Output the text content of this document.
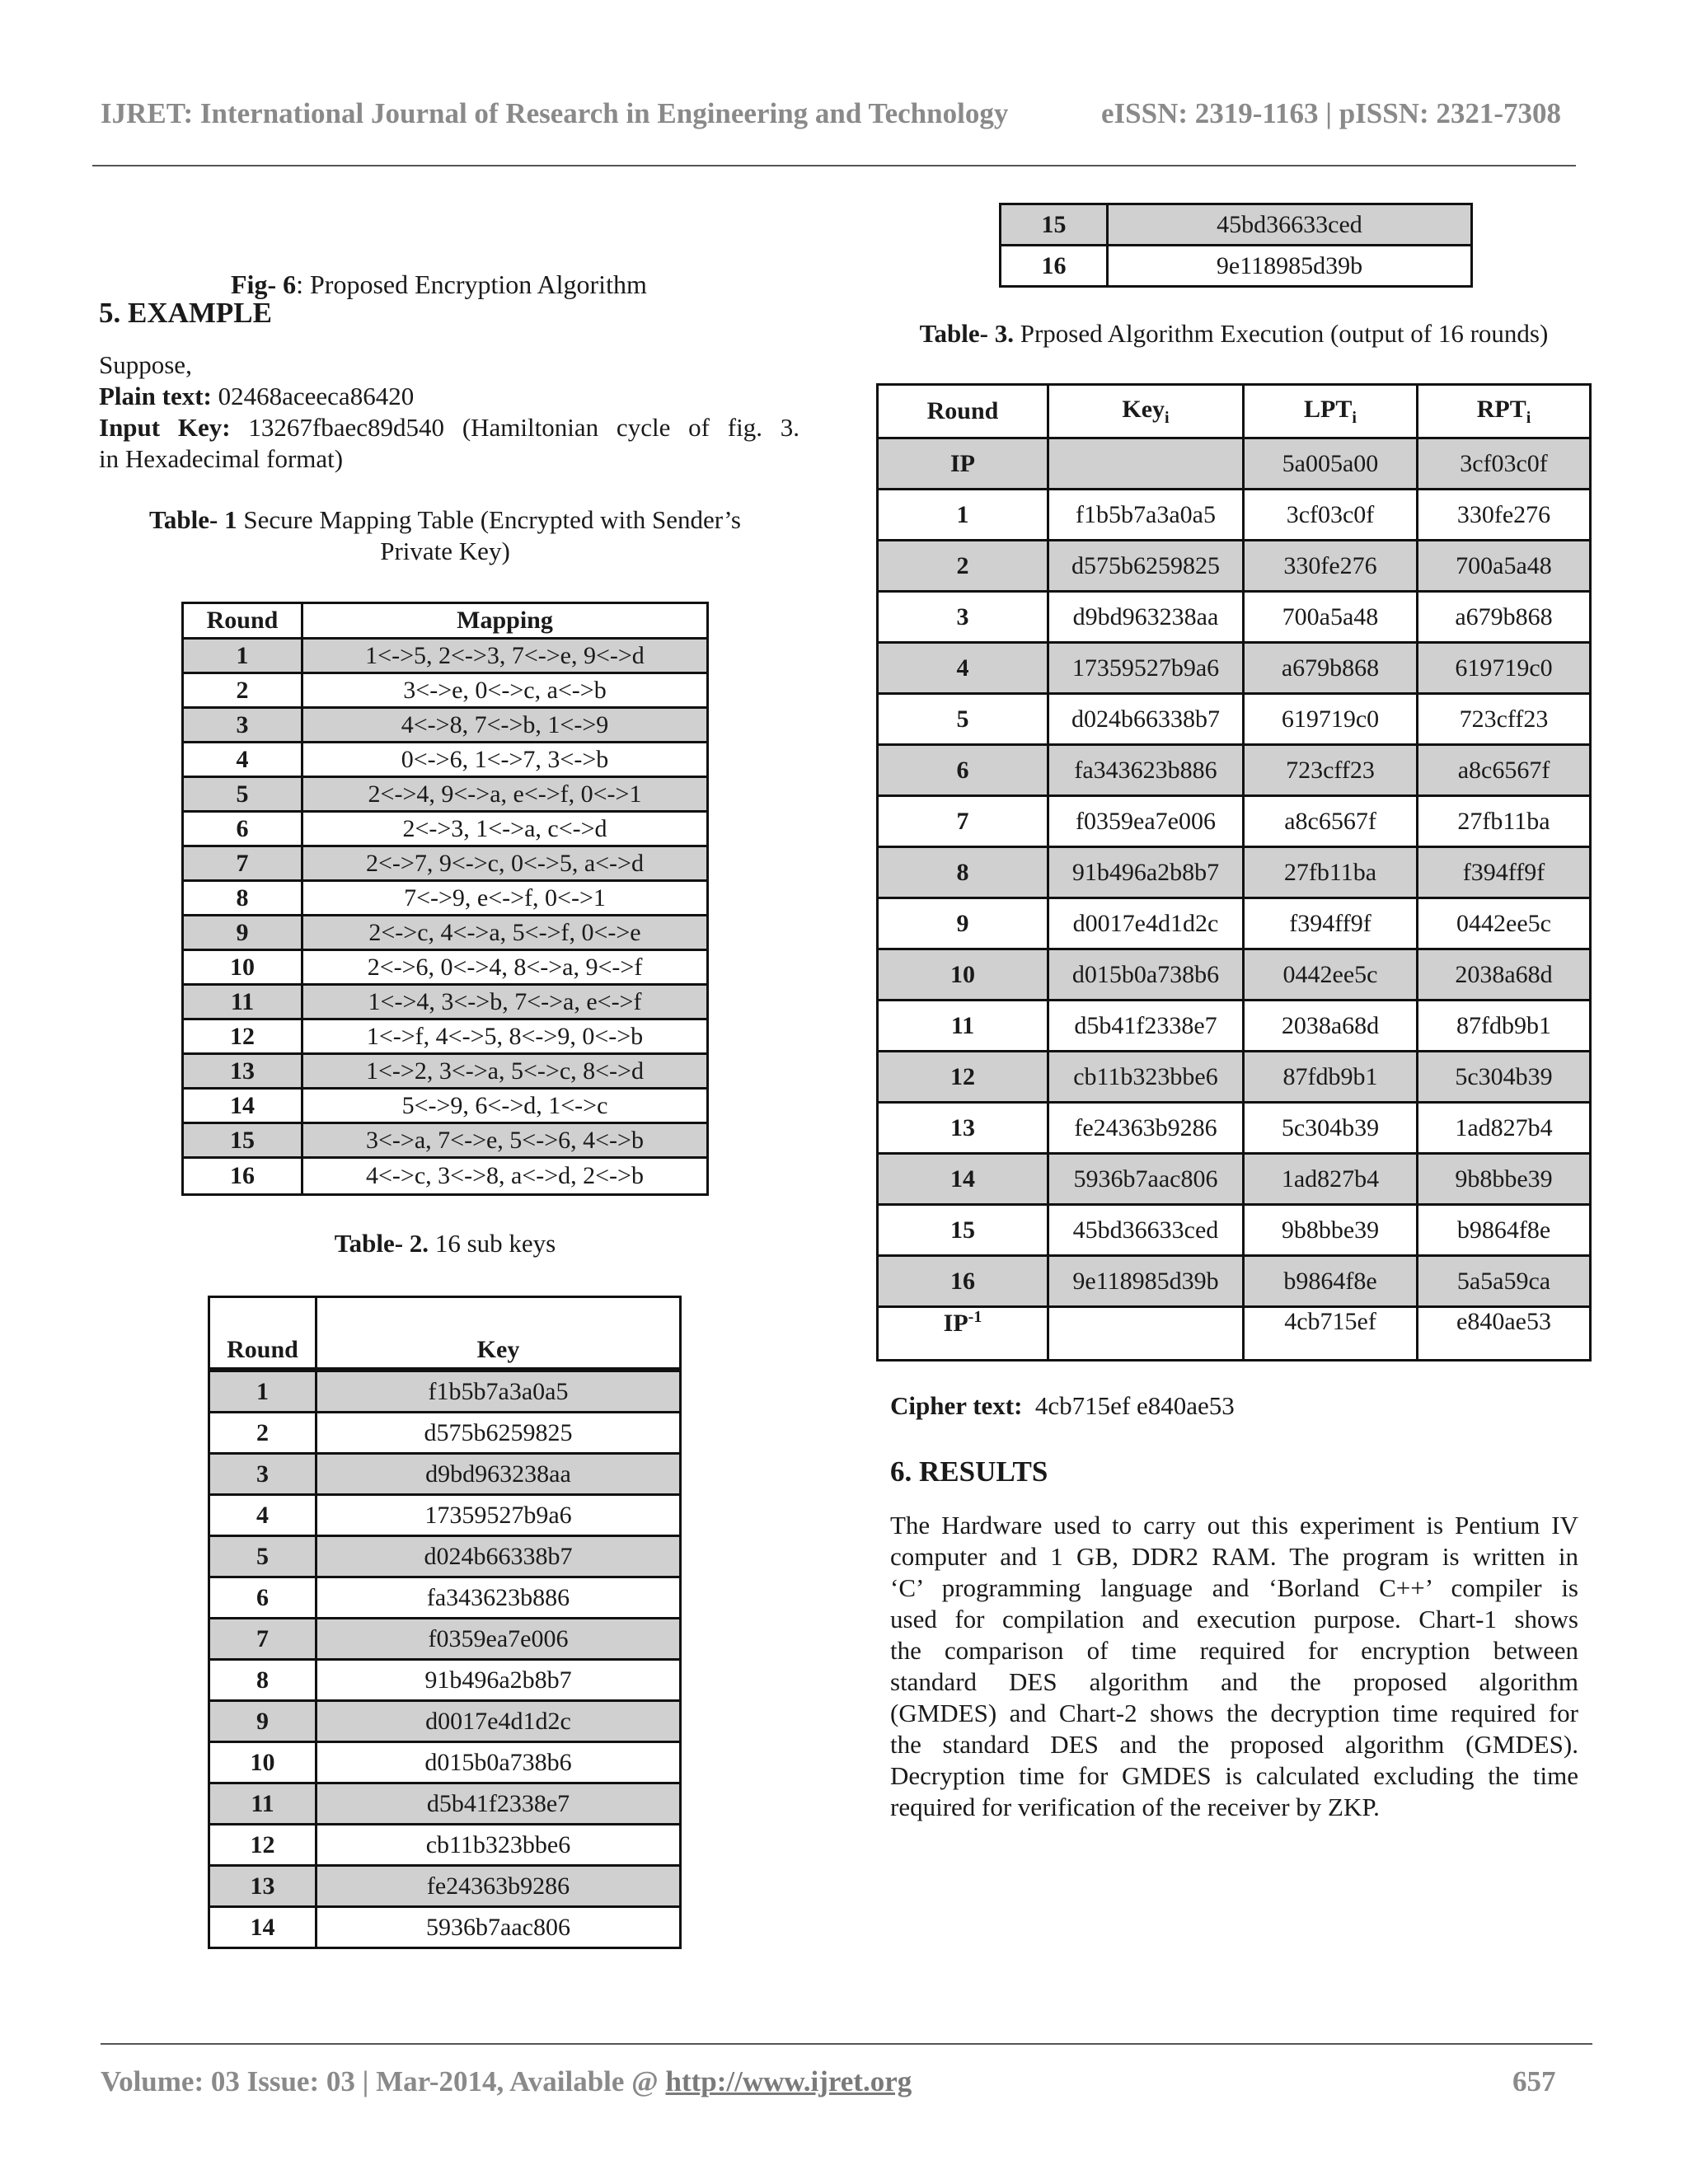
IJRET: International Journal of Research in Engineering and Technology	eISSN: 2319-1163 | pISSN: 2321-7308
Fig- 6: Proposed Encryption Algorithm
5. EXAMPLE
Suppose,
Plain text: 02468aceeca86420
Input Key: 13267fbaec89d540 (Hamiltonian cycle of fig. 3.
in Hexadecimal format)
Table- 1 Secure Mapping Table (Encrypted with Sender’s
Private Key)
Round	Mapping
1	1<->5, 2<->3, 7<->e, 9<->d
2	3<->e, 0<->c, a<->b
3	4<->8, 7<->b, 1<->9
4	0<->6, 1<->7, 3<->b
5	2<->4, 9<->a, e<->f, 0<->1
6	2<->3, 1<->a, c<->d
7	2<->7, 9<->c, 0<->5, a<->d
8	7<->9, e<->f, 0<->1
9	2<->c, 4<->a, 5<->f, 0<->e
10	2<->6, 0<->4, 8<->a, 9<->f
11	1<->4, 3<->b, 7<->a, e<->f
12	1<->f, 4<->5, 8<->9, 0<->b
13	1<->2, 3<->a, 5<->c, 8<->d
14	5<->9, 6<->d, 1<->c
15	3<->a, 7<->e, 5<->6, 4<->b
16	4<->c, 3<->8, a<->d, 2<->b
Table- 2. 16 sub keys
Round	Key
1	f1b5b7a3a0a5
2	d575b6259825
3	d9bd963238aa
4	17359527b9a6
5	d024b66338b7
6	fa343623b886
7	f0359ea7e006
8	91b496a2b8b7
9	d0017e4d1d2c
10	d015b0a738b6
11	d5b41f2338e7
12	cb11b323bbe6
13	fe24363b9286
14	5936b7aac806
15	45bd36633ced
16	9e118985d39b
Table- 3. Prposed Algorithm Execution (output of 16 rounds)
Round	Key$_i$	$LPT_i$	$RPT_i$
IP		5a005a00	3cf03c0f
1	f1b5b7a3a0a5	3cf03c0f	330fe276
2	d575b6259825	330fe276	700a5a48
3	d9bd963238aa	700a5a48	a679b868
4	17359527b9a6	a679b868	619719c0
5	d024b66338b7	619719c0	723cff23
6	fa343623b886	723cff23	a8c6567f
7	f0359ea7e006	a8c6567f	27fb11ba
8	91b496a2b8b7	27fb11ba	f394ff9f
9	d0017e4d1d2c	f394ff9f	0442ee5c
10	d015b0a738b6	0442ee5c	2038a68d
11	d5b41f2338e7	2038a68d	87fdb9b1
12	cb11b323bbe6	87fdb9b1	5c304b39
13	fe24363b9286	5c304b39	1ad827b4
14	5936b7aac806	1ad827b4	9b8bbe39
15	45bd36633ced	9b8bbe39	b9864f8e
16	9e118985d39b	b9864f8e	5a5a59ca
$IP^{-1}$		4cb715ef	e840ae53
Cipher text:  4cb715ef e840ae53
6. RESULTS
The Hardware used to carry out this experiment is Pentium IV
computer and 1 GB, DDR2 RAM. The program is written in
‘C’ programming language and ‘Borland C++’ compiler is
used for compilation and execution purpose. Chart-1 shows
the comparison of time required for encryption between
standard DES algorithm and the proposed algorithm
(GMDES) and Chart-2 shows the decryption time required for
the standard DES and the proposed algorithm (GMDES).
Decryption time for GMDES is calculated excluding the time
required for verification of the receiver by ZKP.
Volume: 03 Issue: 03 | Mar-2014, Available @ http://www.ijret.org	657
